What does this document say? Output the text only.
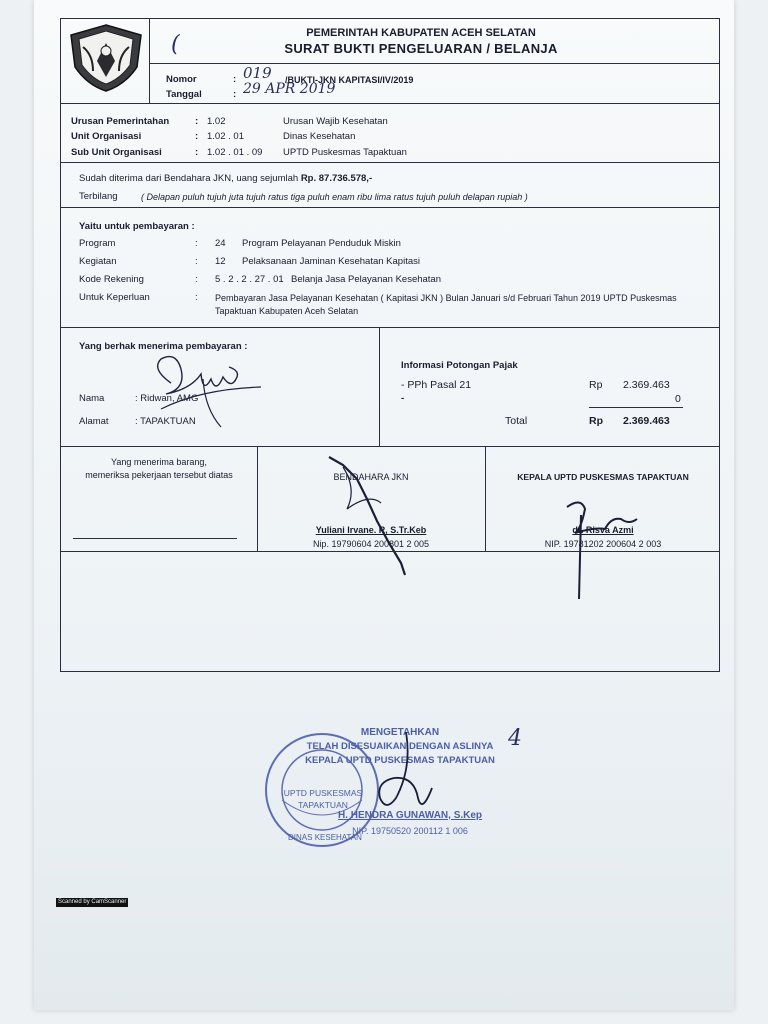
PEMERINTAH KABUPATEN ACEH SELATAN
SURAT BUKTI PENGELUARAN / BELANJA
(
Nomor	: 019 /BUKTI-JKN KAPITASI/IV/2019
Tanggal	: 29 APR 2019
Urusan Pemerintahan	: 1.02	Urusan Wajib Kesehatan
Unit Organisasi	: 1.02 . 01	Dinas Kesehatan
Sub Unit Organisasi	: 1.02 . 01 . 09 UPTD Puskesmas Tapaktuan
Sudah diterima dari Bendahara JKN, uang sejumlah Rp. 87.736.578,-
Terbilang	( Delapan puluh tujuh juta tujuh ratus tiga puluh enam ribu lima ratus tujuh puluh delapan rupiah )
Yaitu untuk pembayaran :
Program	: 24 Program Pelayanan Penduduk Miskin
Kegiatan	: 12 Pelaksanaan Jaminan Kesehatan Kapitasi
Kode Rekening	: 5 . 2 . 2 . 27 . 01 Belanja Jasa Pelayanan Kesehatan
Untuk Keperluan	: Pembayaran Jasa Pelayanan Kesehatan ( Kapitasi JKN ) Bulan Januari s/d Februari Tahun 2019 UPTD Puskesmas
Tapaktuan Kabupaten Aceh Selatan
Yang berhak menerima pembayaran :
Nama	: Ridwan, AMG
Alamat	: TAPAKTUAN
Informasi Potongan Pajak
- PPh Pasal 21	Rp 2.369.463
-	0
Total	Rp 2.369.463
Yang menerima barang,
memeriksa pekerjaan tersebut diatas	BENDAHARA JKN
Yuliani Irvane. R, S.Tr.Keb
Nip. 19790604 200801 2 005
KEPALA UPTD PUSKESMAS TAPAKTUAN
dr. Risva Azmi
NIP. 19781202 200604 2 003
DINAS KESEHATAN
UPTD PUSKESMAS
TAPAKTUAN
MENGETAHKAN
TELAH DISESUAIKAN DENGAN ASLINYA
KEPALA UPTD PUSKESMAS TAPAKTUAN
4
H. HENDRA GUNAWAN, S.Kep
NIP. 19750520 200112 1 006
Scanned by CamScanner
